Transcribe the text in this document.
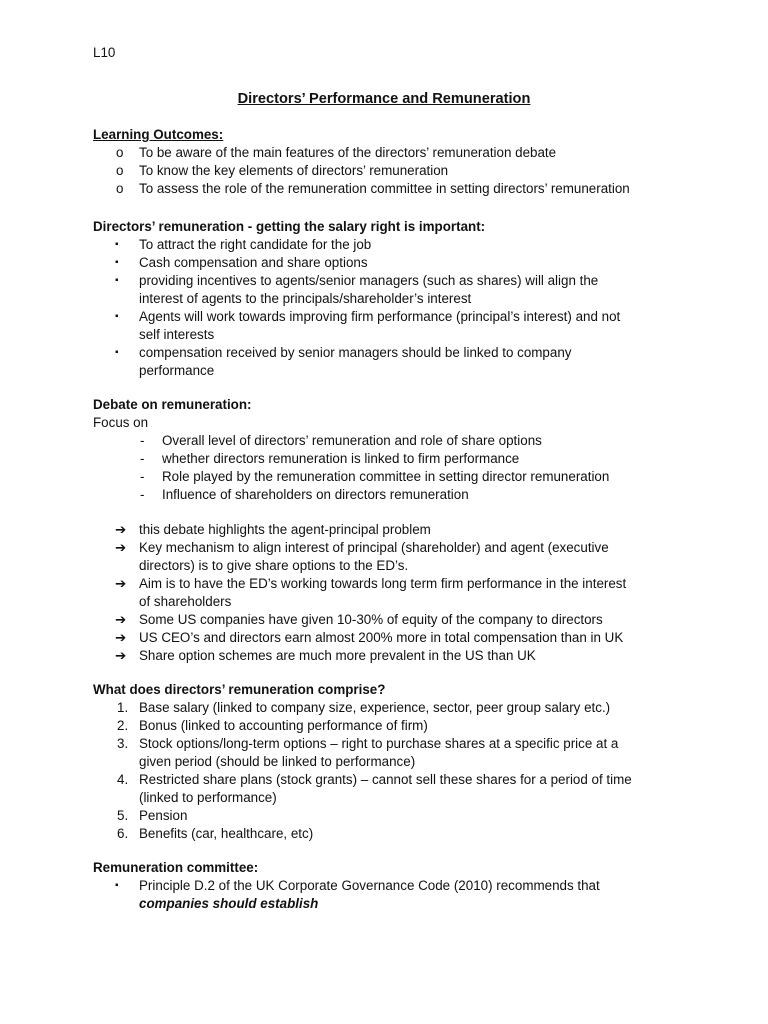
L10
Directors’ Performance and Remuneration
Learning Outcomes:
o To be aware of the main features of the directors’ remuneration debate
o To know the key elements of directors’ remuneration
o To assess the role of the remuneration committee in setting directors’ remuneration
Directors’ remuneration - getting the salary right is important:
▪ To attract the right candidate for the job
▪ Cash compensation and share options
▪ providing incentives to agents/senior managers (such as shares) will align the
interest of agents to the principals/shareholder’s interest
▪ Agents will work towards improving firm performance (principal’s interest) and not
self interests
▪ compensation received by senior managers should be linked to company
performance
Debate on remuneration:
Focus on
- Overall level of directors’ remuneration and role of share options
- whether directors remuneration is linked to firm performance
- Role played by the remuneration committee in setting director remuneration
- Influence of shareholders on directors remuneration
➔ this debate highlights the agent-principal problem
➔ Key mechanism to align interest of principal (shareholder) and agent (executive
directors) is to give share options to the ED’s.
➔ Aim is to have the ED’s working towards long term firm performance in the interest
of shareholders
➔ Some US companies have given 10-30% of equity of the company to directors
➔ US CEO’s and directors earn almost 200% more in total compensation than in UK
➔ Share option schemes are much more prevalent in the US than UK
What does directors’ remuneration comprise?
1. Base salary (linked to company size, experience, sector, peer group salary etc.)
2. Bonus (linked to accounting performance of firm)
3. Stock options/long-term options – right to purchase shares at a specific price at a
given period (should be linked to performance)
4. Restricted share plans (stock grants) – cannot sell these shares for a period of time
(linked to performance)
5. Pension
6. Benefits (car, healthcare, etc)
Remuneration committee:
▪ Principle D.2 of the UK Corporate Governance Code (2010) recommends that
companies should establish
